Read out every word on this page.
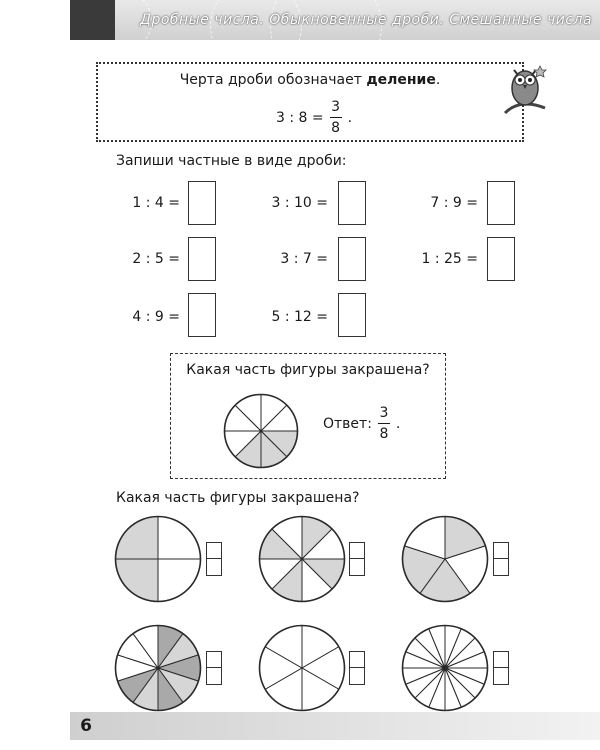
Дробные числа. Обыкновенные дроби. Смешанные числа
Черта дроби обозначает деление.
3 : $8 = \frac{3}{8}$ .
Запиши частные в виде дроби:
1 : 4 =	3 : 10 =	7 : 9 =
2 : 5 =	3 : 7 =	1 : 25 =
4 : 9 =	5 : 12 =
Какая часть фигуры закрашена?
Ответ: $\frac{3}{8}$ .
Какая часть фигуры закрашена?
6
